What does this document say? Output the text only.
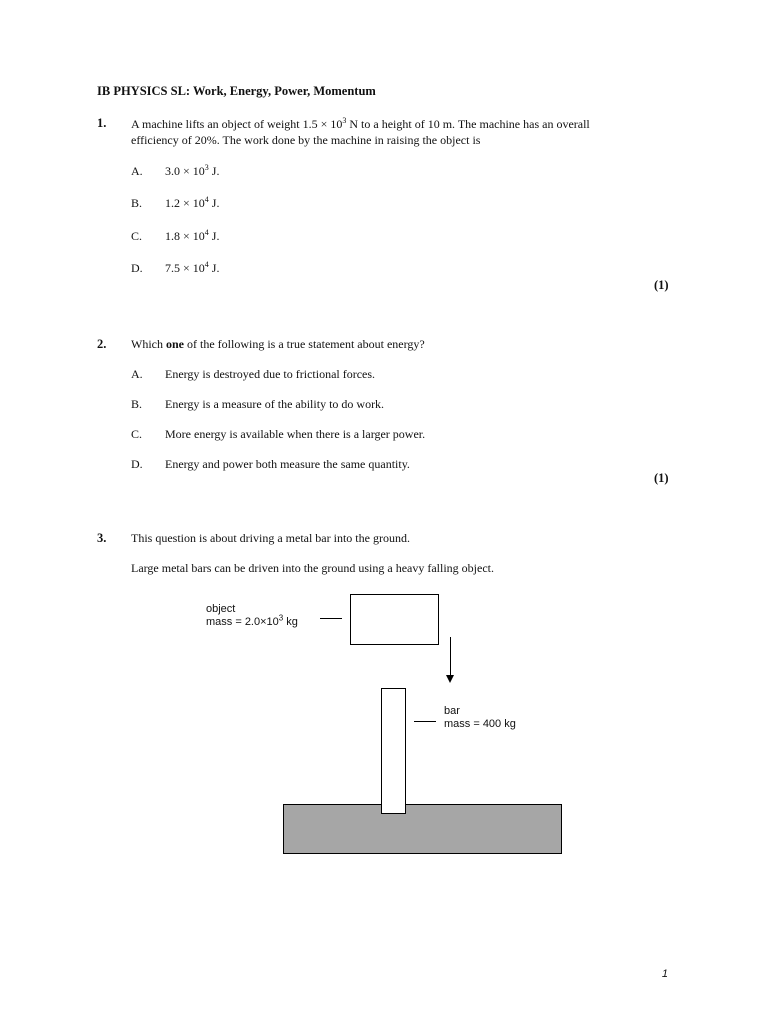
IB PHYSICS SL: Work, Energy, Power, Momentum
1. A machine lifts an object of weight $1.5 \times 10^3$ N to a height of 10 m. The machine has an overall
efficiency of 20%. The work done by the machine in raising the object is
A. $3.0 \times 10^3$ J.
B. $1.2 \times 10^4$ J.
C. $1.8 \times 10^4$ J.
D. $7.5 \times 10^4$ J.
(1)
2. Which one of the following is a true statement about energy?
A. Energy is destroyed due to frictional forces.
B. Energy is a measure of the ability to do work.
C. More energy is available when there is a larger power.
D. Energy and power both measure the same quantity.
(1)
3. This question is about driving a metal bar into the ground.
Large metal bars can be driven into the ground using a heavy falling object.
object
mass = $2.0\times 10^3$ kg
bar
mass = 400 kg
1
